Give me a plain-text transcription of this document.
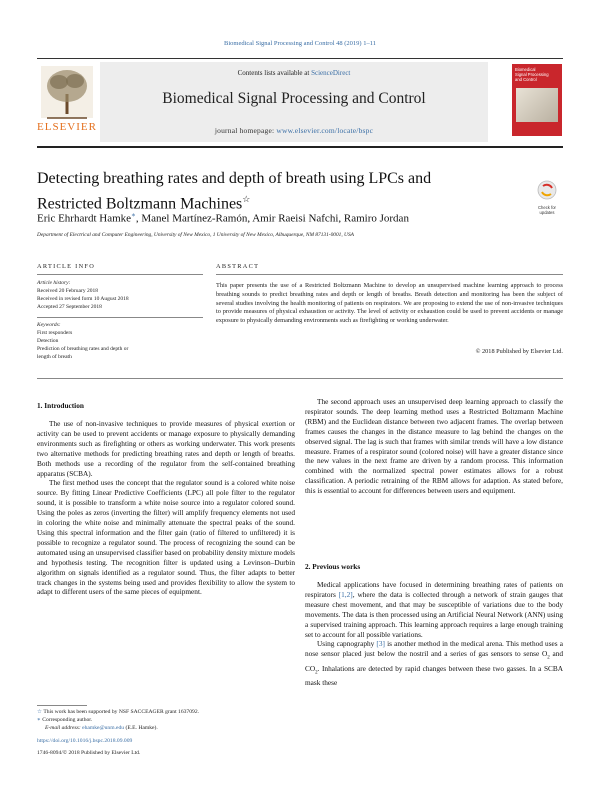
Biomedical Signal Processing and Control 48 (2019) 1–11
ELSEVIER
Contents lists available at ScienceDirect
Biomedical Signal Processing and Control
journal homepage: www.elsevier.com/locate/bspc
Biomedical
Signal Processing
and Control
Detecting breathing rates and depth of breath using LPCs and
Restricted Boltzmann Machines☆
Check for
updates
Eric Ehrhardt Hamke∗, Manel Martínez-Ramón, Amir Raeisi Nafchi, Ramiro Jordan
Department of Electrical and Computer Engineering, University of New Mexico, 1 University of New Mexico, Albuquerque, NM 87131-0001, USA
ARTICLE INFO	ABSTRACT
Article history:
Received 20 February 2018
Received in revised form 10 August 2018
Accepted 27 September 2018
Keywords:
First responders
Detection
Prediction of breathing rates and depth or
length of breath
This paper presents the use of a Restricted Boltzmann Machine to develop an unsupervised machine learning approach to process breathing sounds to predict breathing rates and depth or length of breaths. Breath detection and monitoring has been the subject of several studies involving the health monitoring of patients on respirators. We are proposing to extend the use of non-invasive techniques to provide measures of physical exhaustion or activity. The level of activity or exhaustion could be used to prevent accidents or manage exposure to physically demanding environments such as firefighting or working underwater.
© 2018 Published by Elsevier Ltd.
1. Introduction

The use of non-invasive techniques to provide measures of physical exertion or activity can be used to prevent accidents or manage exposure to physically demanding environments such as firefighting or others as working underwater. This work presents two alternative methods for predicting breathing rates and depth or length of breaths. Both methods use a recording of the regulator from the self-contained breathing apparatus (SCBA).

The first method uses the concept that the regulator sound is a colored white noise source. By fitting Linear Predictive Coefficients (LPC) all pole filter to the regulator sound, it is possible to transform a white noise source into a regulator colored sound. Using the poles as zeros (inverting the filter) will amplify frequency elements not used in coloring the white noise and minimally attenuate the spectral peaks of the sound. Using this spectral information and the filter gain (ratio of filtered to unfiltered) it is possible to recognize a regulator sound. The process of recognizing the sound can be automated using an unsupervised classifier based on probability density mixture models and hypothesis testing. The recognition filter is updated using a Levinson–Durbin algorithm on signals identified as a regulator sound. Thus, the filter adapts to better track changes in the systems being used and provides flexibility to allow the system to adapt to different users of the same pieces of equipment.

The second approach uses an unsupervised deep learning approach to classify the respirator sounds. The deep learning method uses a Restricted Boltzmann Machine (RBM) and the Euclidean distance between two adjacent frames. The overlap between frames causes the changes in the distance measure to lag behind the changes on the observed signal. The lag is such that frames with similar trends will have a low distance measure. Frames of a respirator sound (colored noise) will have a greater distance since the new values in the next frame are driven by a random process. This information combined with the normalized spectral power estimates allows for a robust classification. A periodic retraining of the RBM allows for adaption. As stated before, this is essential to account for differences between users and equipment.

2. Previous works

Medical applications have focused in determining breathing rates of patients on respirators [1,2], where the data is collected through a network of strain gauges that measure chest movement, and that may be susceptible of variations due to the body movements. The data is then processed using an Artificial Neural Network (ANN) using a supervised training approach. This learning approach requires a large enough training set to account for all possible variations.

Using capnography [3] is another method in the medical arena. This method uses a nose sensor placed just below the nostril and a series of gas sensors to sense $O_2$ and $CO_2$. Inhalations are detected by rapid changes between these two gasses. In a SCBA mask these

☆ This work has been supported by NSF SACCEAGER grant 1637092.
∗ Corresponding author.
E-mail address: ehamke@unm.edu (E.E. Hamke).
https://doi.org/10.1016/j.bspc.2018.09.009
1746-8094/© 2018 Published by Elsevier Ltd.
